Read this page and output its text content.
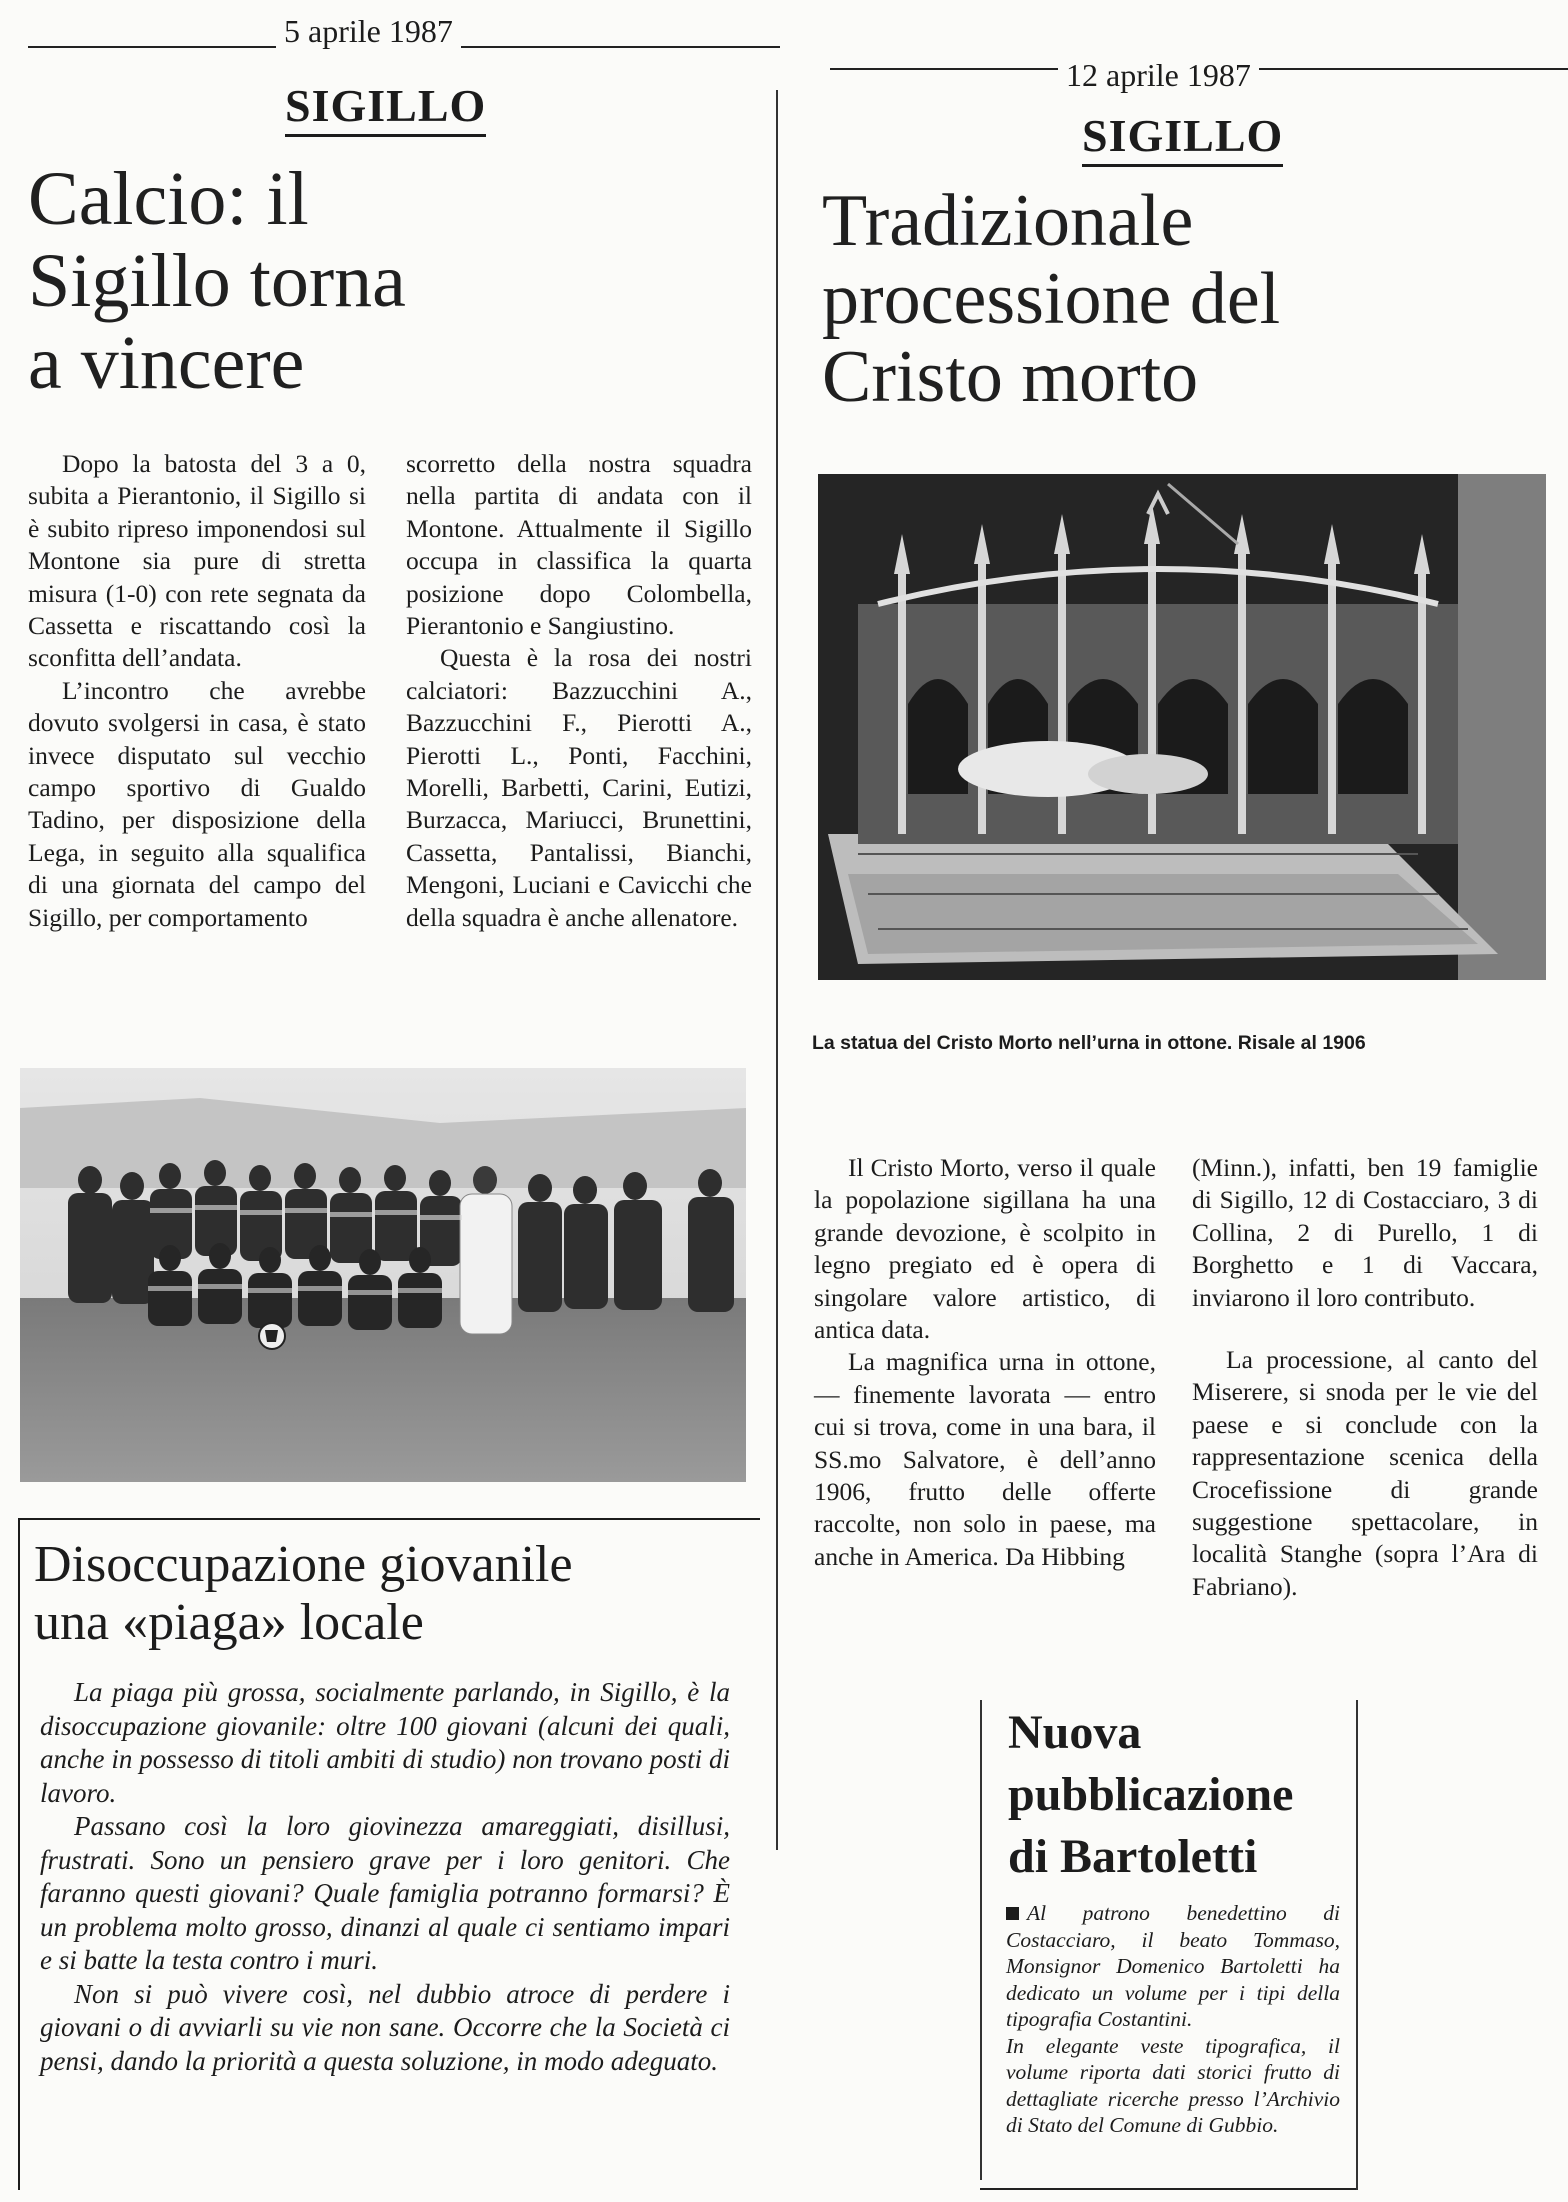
5 aprile 1987
SIGILLO
Calcio: il
Sigillo torna
a vincere

Dopo la batosta del 3 a 0, subita a Pierantonio, il Sigillo si è subito ripreso imponendosi sul Montone sia pure di stretta misura (1-0) con rete segnata da Cassetta e riscattando così la sconfitta dell’andata.

L’incontro che avrebbe dovuto svolgersi in casa, è stato invece disputato sul vecchio campo sportivo di Gualdo Tadino, per disposizione della Lega, in seguito alla squalifica di una giornata del campo del Sigillo, per comportamento

scorretto della nostra squadra nella partita di andata con il Montone. Attualmente il Sigillo occupa in classifica la quarta posizione dopo Colombella, Pierantonio e Sangiustino.

Questa è la rosa dei nostri calciatori: Bazzucchini A., Bazzucchini F., Pierotti A., Pierotti L., Ponti, Facchini, Morelli, Barbetti, Carini, Eutizi, Burzacca, Mariucci, Brunettini, Cassetta, Pantalissi, Bianchi, Mengoni, Luciani e Cavicchi che della squadra è anche allenatore.

Disoccupazione giovanile
una «piaga» locale

La piaga più grossa, socialmente parlando, in Sigillo, è la disoccupazione giovanile: oltre 100 giovani (alcuni dei quali, anche in possesso di titoli ambiti di studio) non trovano posti di lavoro.

Passano così la loro giovinezza amareggiati, disillusi, frustrati. Sono un pensiero grave per i loro genitori. Che faranno questi giovani? Quale famiglia potranno formarsi? È un problema molto grosso, dinanzi al quale ci sentiamo impari e si batte la testa contro i muri.

Non si può vivere così, nel dubbio atroce di perdere i giovani o di avviarli su vie non sane. Occorre che la Società ci pensi, dando la priorità a questa soluzione, in modo adeguato.

12 aprile 1987
SIGILLO
Tradizionale
processione del
Cristo morto
La statua del Cristo Morto nell’urna in ottone. Risale al 1906

Il Cristo Morto, verso il quale la popolazione sigillana ha una grande devozione, è scolpito in legno pregiato ed è opera di singolare valore artistico, di antica data.

La magnifica urna in ottone, — finemente lavorata — entro cui si trova, come in una bara, il SS.mo Salvatore, è dell’anno 1906, frutto delle offerte raccolte, non solo in paese, ma anche in America. Da Hibbing

(Minn.), infatti, ben 19 famiglie di Sigillo, 12 di Costacciaro, 3 di Collina, 2 di Purello, 1 di Borghetto e 1 di Vaccara, inviarono il loro contributo.

La processione, al canto del Miserere, si snoda per le vie del paese e si conclude con la rappresentazione scenica della Crocefissione di grande suggestione spettacolare, in località Stanghe (sopra l’Ara di Fabriano).

Nuova
pubblicazione
di Bartoletti

Al patrono benedettino di Costacciaro, il beato Tommaso, Monsignor Domenico Bartoletti ha dedicato un volume per i tipi della tipografia Costantini.

In elegante veste tipografica, il volume riporta dati storici frutto di dettagliate ricerche presso l’Archivio di Stato del Comune di Gubbio.
